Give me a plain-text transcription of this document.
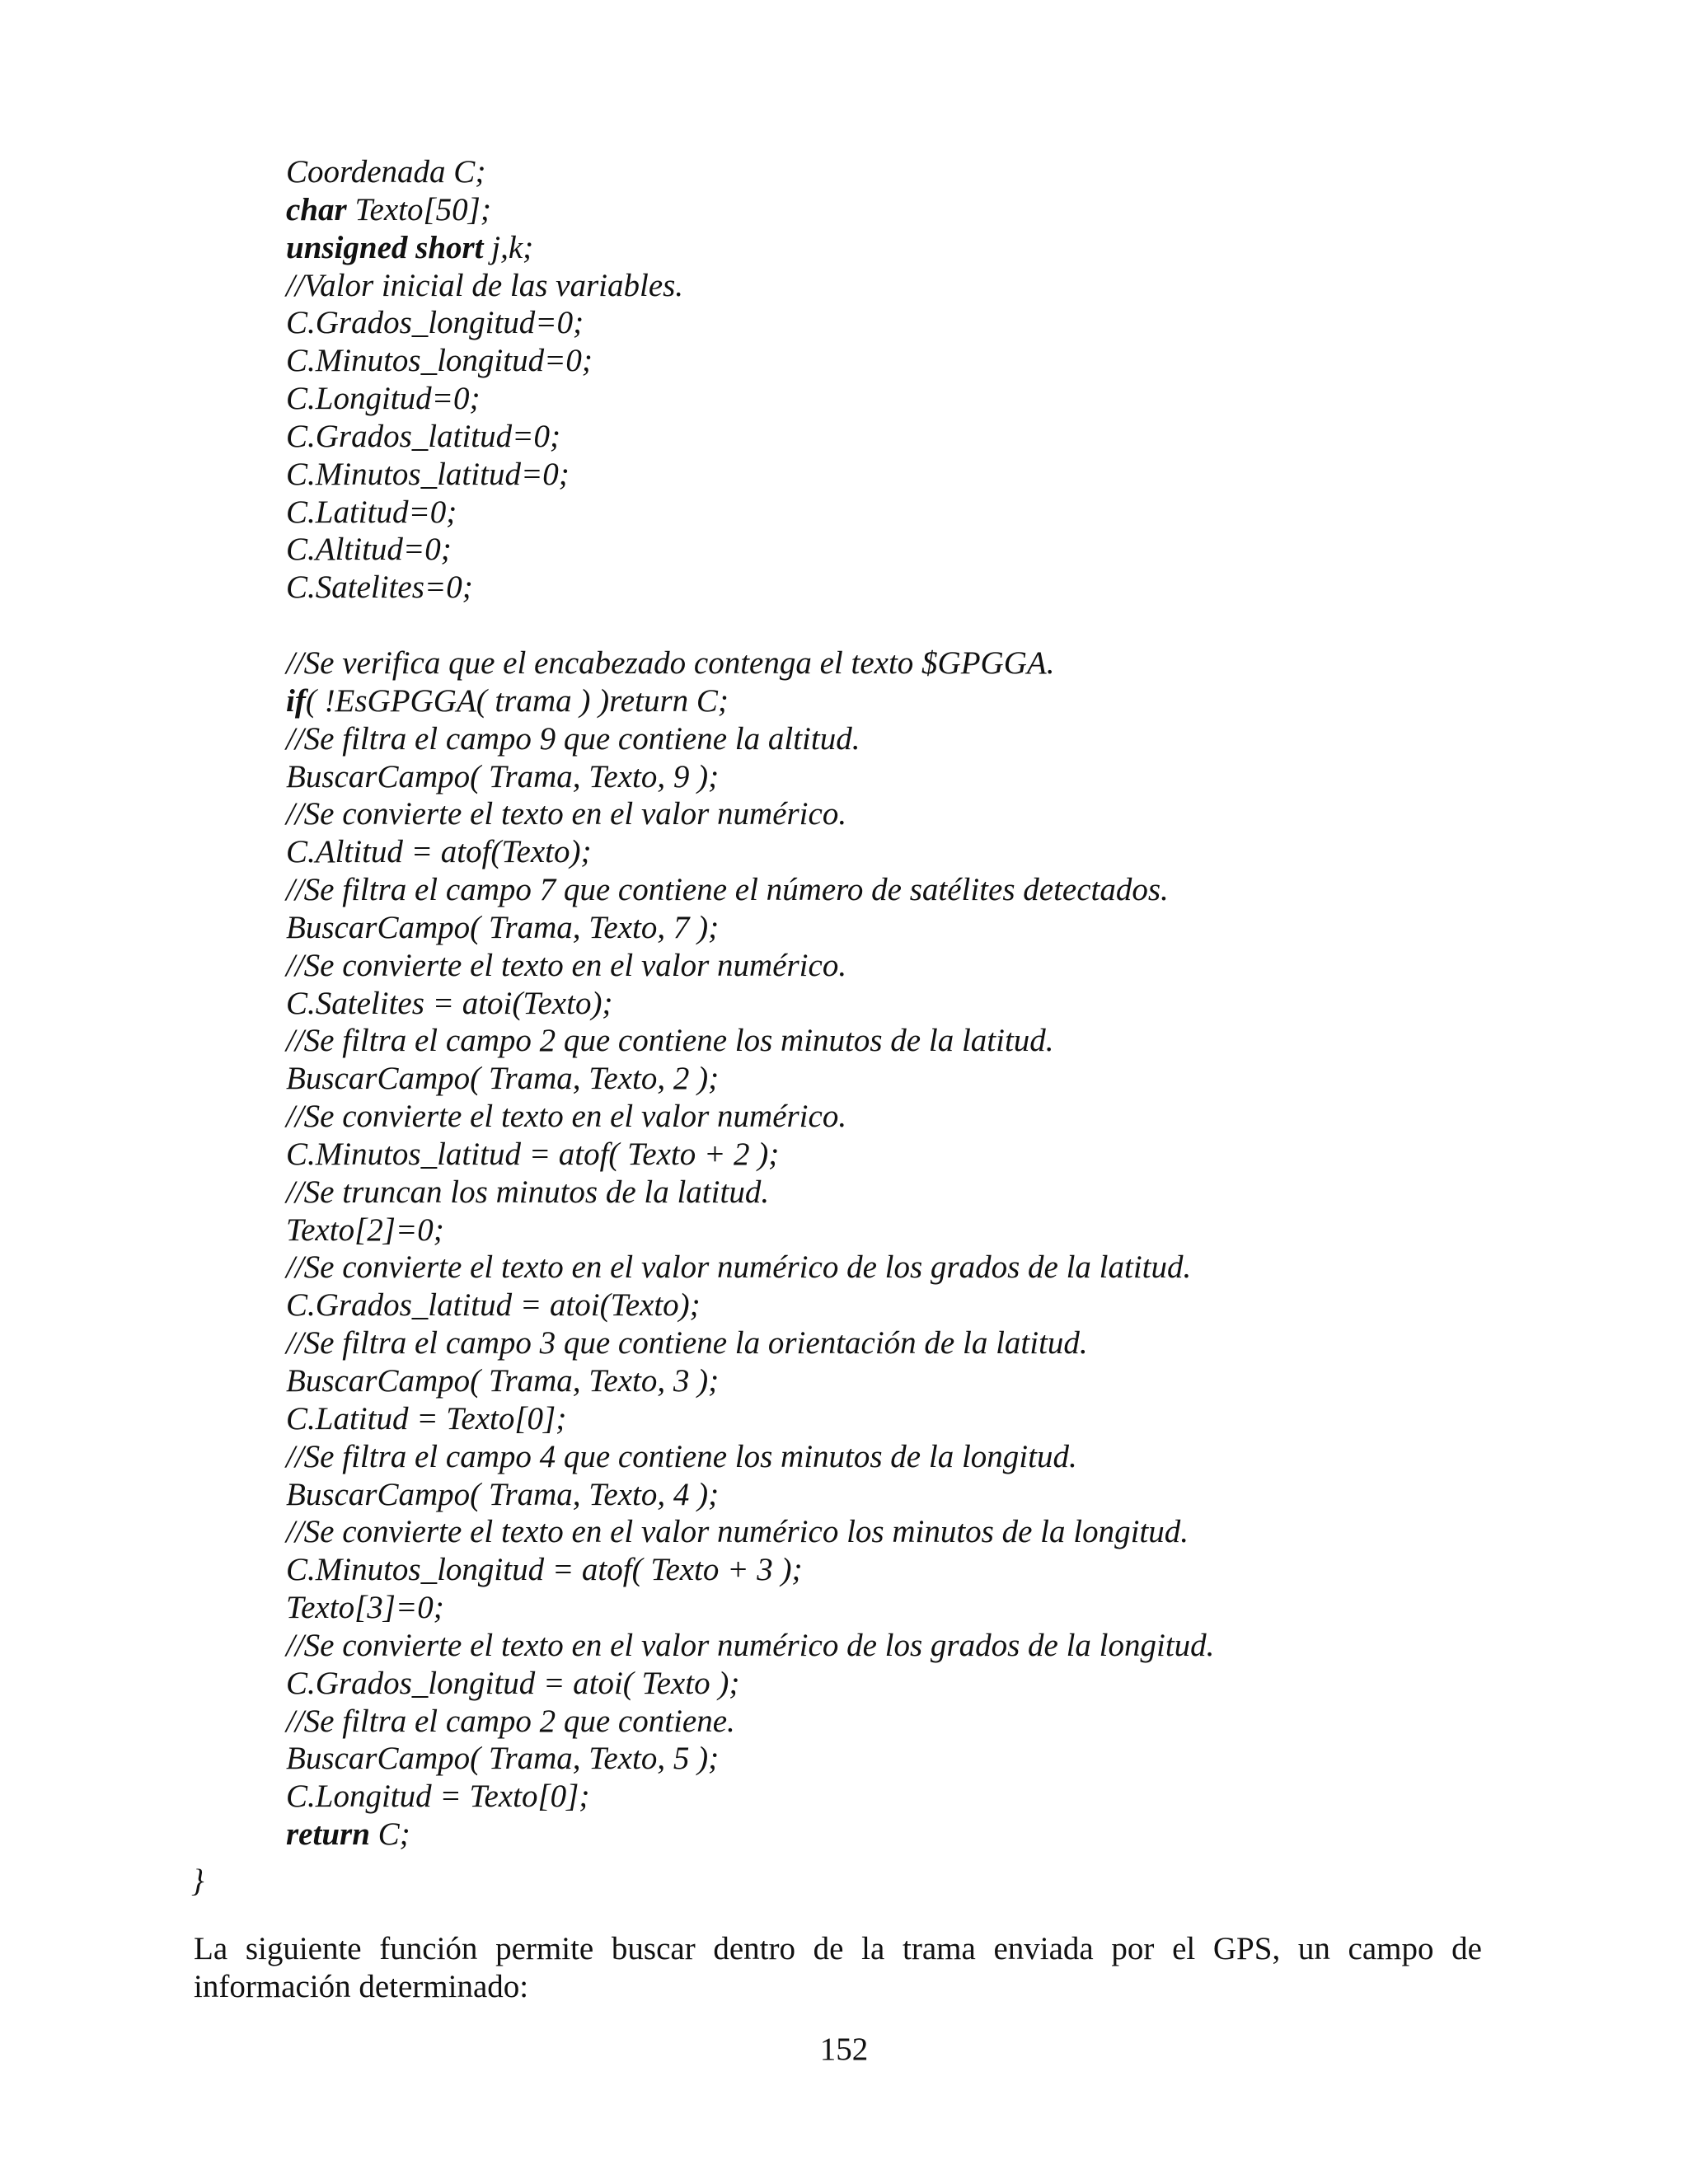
Coordenada C;
char Texto[50];
unsigned short j,k;
//Valor inicial de las variables.
C.Grados_longitud=0;
C.Minutos_longitud=0;
C.Longitud=0;
C.Grados_latitud=0;
C.Minutos_latitud=0;
C.Latitud=0;
C.Altitud=0;
C.Satelites=0;
//Se verifica que el encabezado contenga el texto $GPGGA.
if( !EsGPGGA( trama ) )return C;
//Se filtra el campo 9 que contiene la altitud.
BuscarCampo( Trama, Texto, 9 );
//Se convierte el texto en el valor numérico.
C.Altitud = atof(Texto);
//Se filtra el campo 7 que contiene el número de satélites detectados.
BuscarCampo( Trama, Texto, 7 );
//Se convierte el texto en el valor numérico.
C.Satelites = atoi(Texto);
//Se filtra el campo 2 que contiene los minutos de la latitud.
BuscarCampo( Trama, Texto, 2 );
//Se convierte el texto en el valor numérico.
C.Minutos_latitud = atof( Texto + 2 );
//Se truncan los minutos de la latitud.
Texto[2]=0;
//Se convierte el texto en el valor numérico de los grados de la latitud.
C.Grados_latitud = atoi(Texto);
//Se filtra el campo 3 que contiene la orientación de la latitud.
BuscarCampo( Trama, Texto, 3 );
C.Latitud = Texto[0];
//Se filtra el campo 4 que contiene los minutos de la longitud.
BuscarCampo( Trama, Texto, 4 );
//Se convierte el texto en el valor numérico los minutos de la longitud.
C.Minutos_longitud = atof( Texto + 3 );
Texto[3]=0;
//Se convierte el texto en el valor numérico de los grados de la longitud.
C.Grados_longitud = atoi( Texto );
//Se filtra el campo 2 que contiene.
BuscarCampo( Trama, Texto, 5 );
C.Longitud = Texto[0];
return C;
}
La siguiente función permite buscar dentro de la trama enviada por el GPS, un campo de información determinado:
152
